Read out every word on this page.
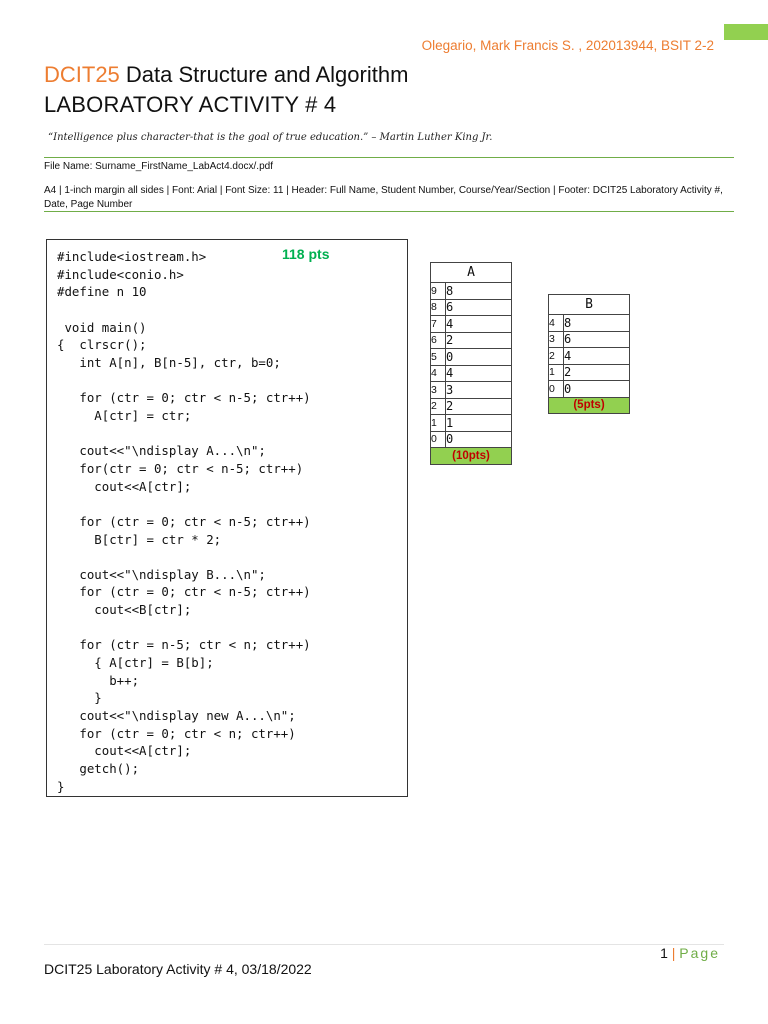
Olegario, Mark Francis S. , 202013944, BSIT 2-2
DCIT25 Data Structure and Algorithm
LABORATORY ACTIVITY # 4
“Intelligence plus character-that is the goal of true education.” – Martin Luther King Jr.
File Name: Surname_FirstName_LabAct4.docx/.pdf
A4 | 1-inch margin all sides | Font: Arial | Font Size: 11 | Header: Full Name, Student Number, Course/Year/Section | Footer: DCIT25 Laboratory Activity #, Date, Page Number
#include<iostream.h>
#include<conio.h>
#define n 10

void main()
{  clrscr();
int A[n], B[n-5], ctr, b=0;

for (ctr = 0; ctr < n-5; ctr++)
A[ctr] = ctr;

cout<<"\ndisplay A...\n";
for(ctr = 0; ctr < n-5; ctr++)
cout<<A[ctr];

for (ctr = 0; ctr < n-5; ctr++)
B[ctr] = ctr * 2;

cout<<"\ndisplay B...\n";
for (ctr = 0; ctr < n-5; ctr++)
cout<<B[ctr];

for (ctr = n-5; ctr < n; ctr++)
{ A[ctr] = B[b];
b++;
}
cout<<"\ndisplay new A...\n";
for (ctr = 0; ctr < n; ctr++)
cout<<A[ctr];
getch();
}
118 pts
A	
9	8
8	6
7	4
6	2
5	0
4	4
3	3
2	2
1	1
0	0
(10pts)	
B	
4	8
3	6
2	4
1	2
0	0
(5pts)	
1 | Page
DCIT25 Laboratory Activity # 4, 03/18/2022
